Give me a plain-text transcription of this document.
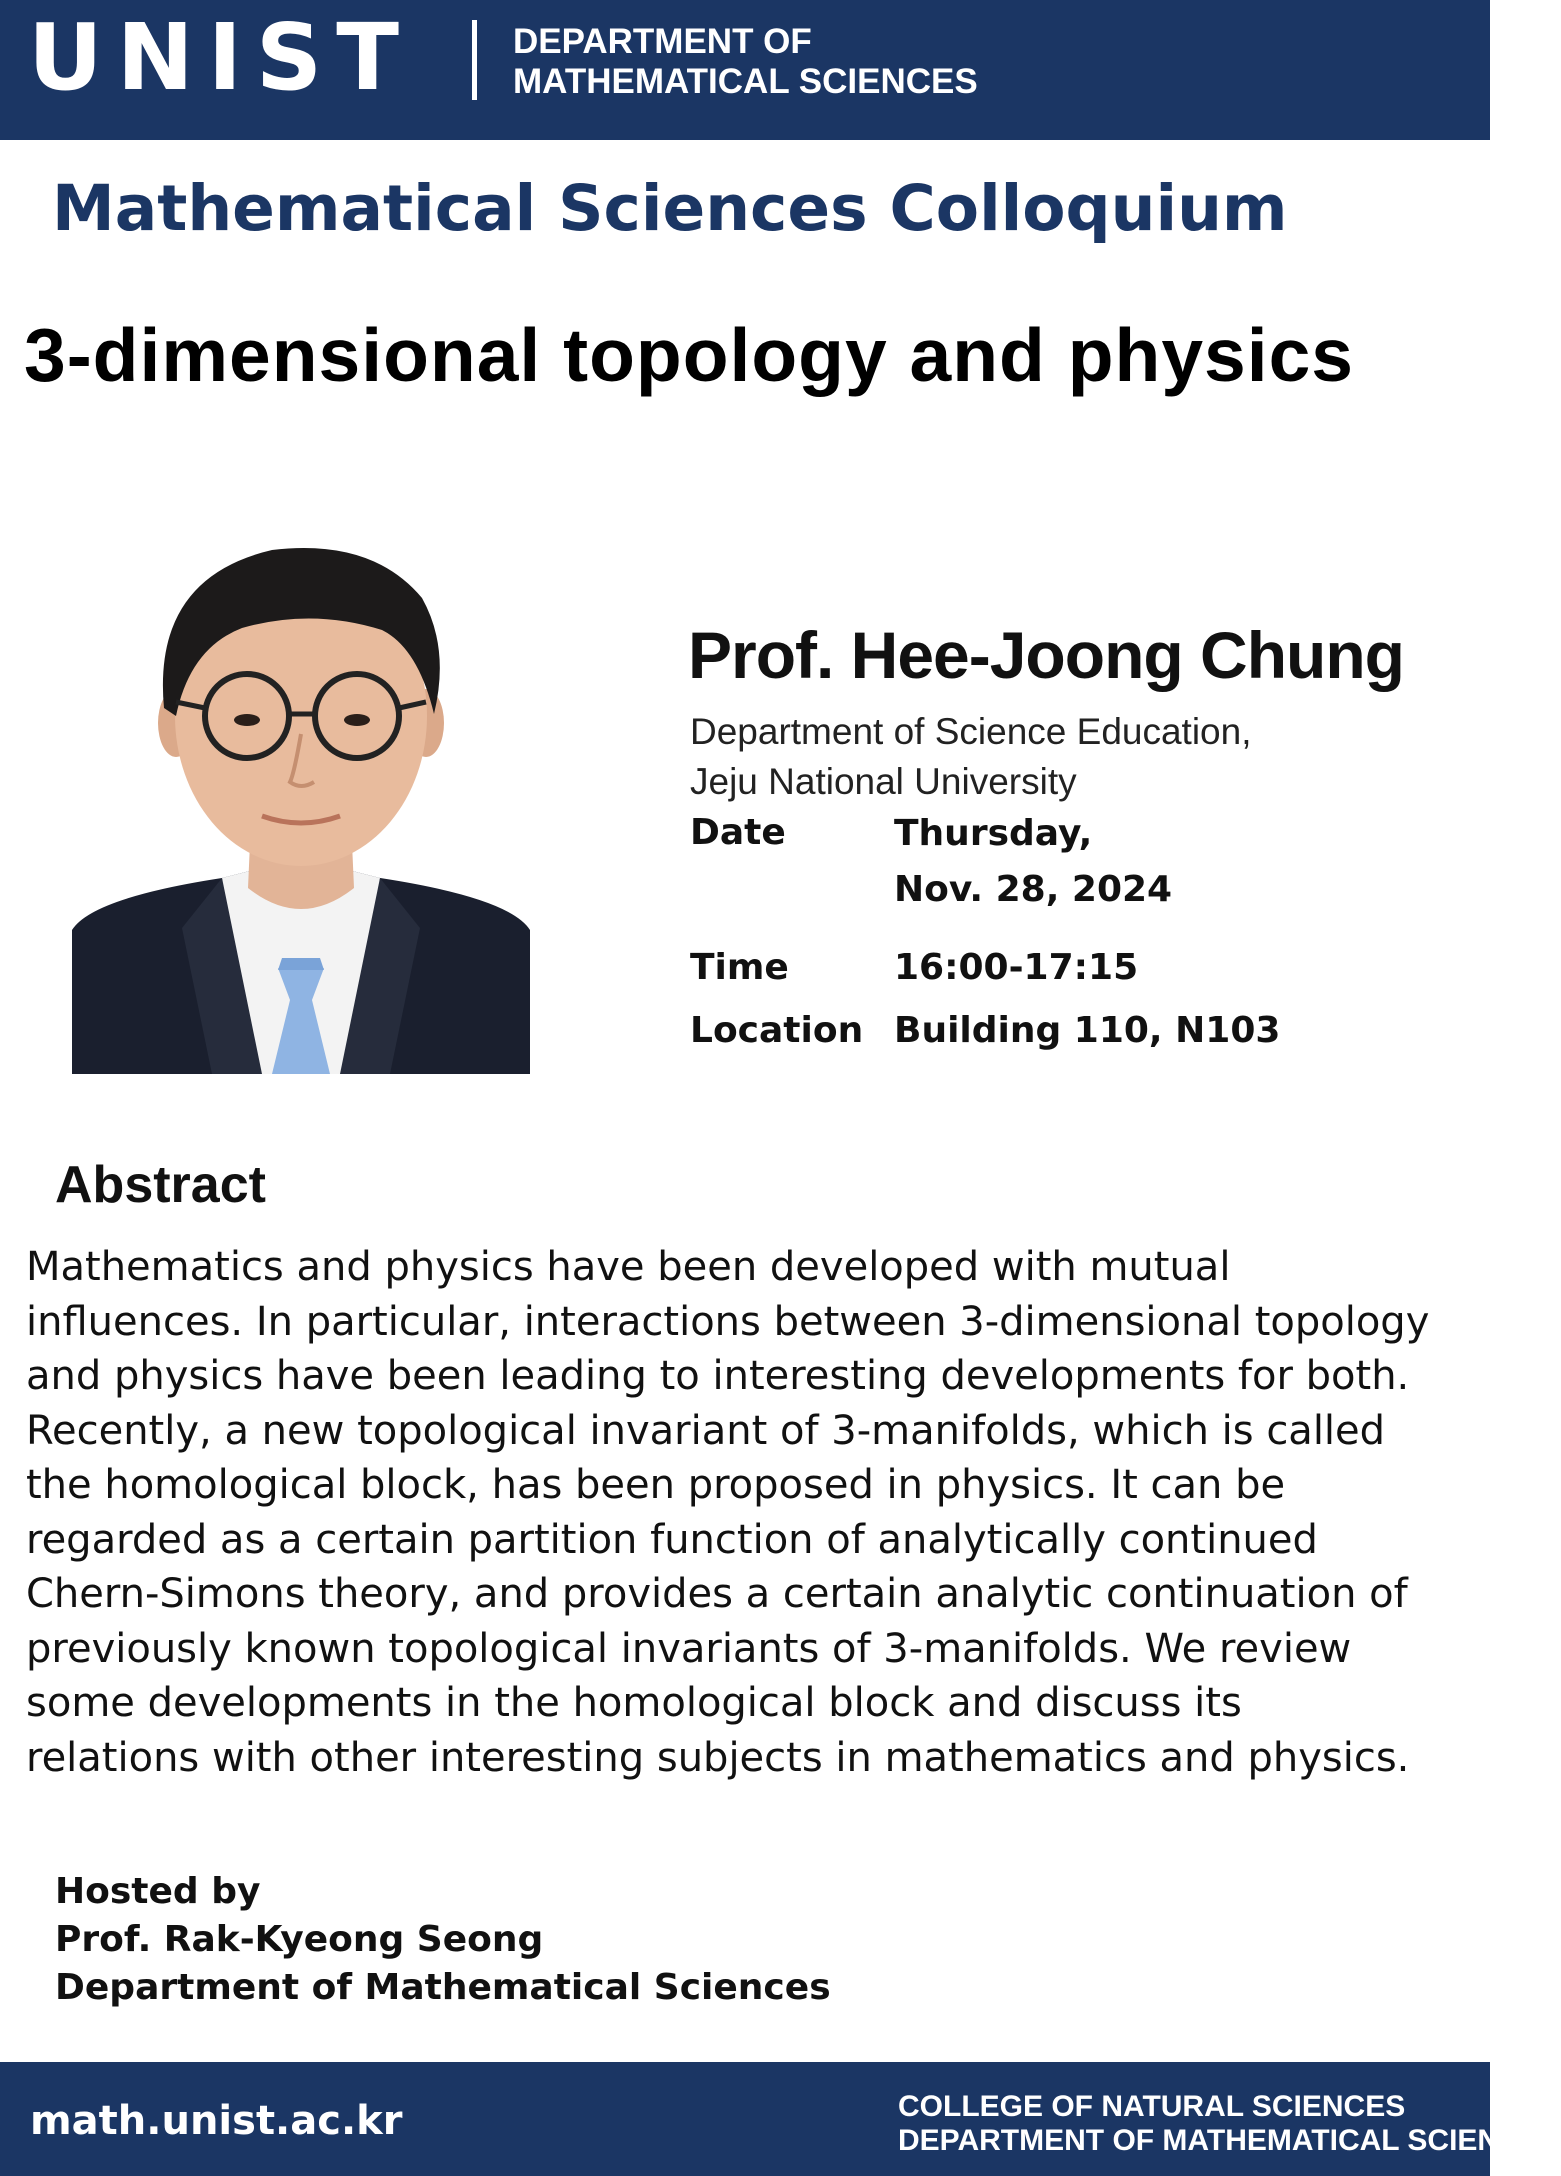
UNIST	DEPARTMENT OF
MATHEMATICAL SCIENCES
Mathematical Sciences Colloquium
3-dimensional topology and physics
Prof. Hee-Joong Chung
Department of Science Education,
Jeju National University
Date	Thursday,
Nov. 28, 2024
Time	16:00-17:15
Location Building 110, N103
Abstract
Mathematics and physics have been developed with mutual
influences. In particular, interactions between 3-dimensional topology
and physics have been leading to interesting developments for both.
Recently, a new topological invariant of 3-manifolds, which is called
the homological block, has been proposed in physics. It can be
regarded as a certain partition function of analytically continued
Chern-Simons theory, and provides a certain analytic continuation of
previously known topological invariants of 3-manifolds. We review
some developments in the homological block and discuss its
relations with other interesting subjects in mathematics and physics.
Hosted by
Prof. Rak-Kyeong Seong
Department of Mathematical Sciences
math.unist.ac.kr	COLLEGE OF NATURAL SCIENCES
DEPARTMENT OF MATHEMATICAL SCIENCES
